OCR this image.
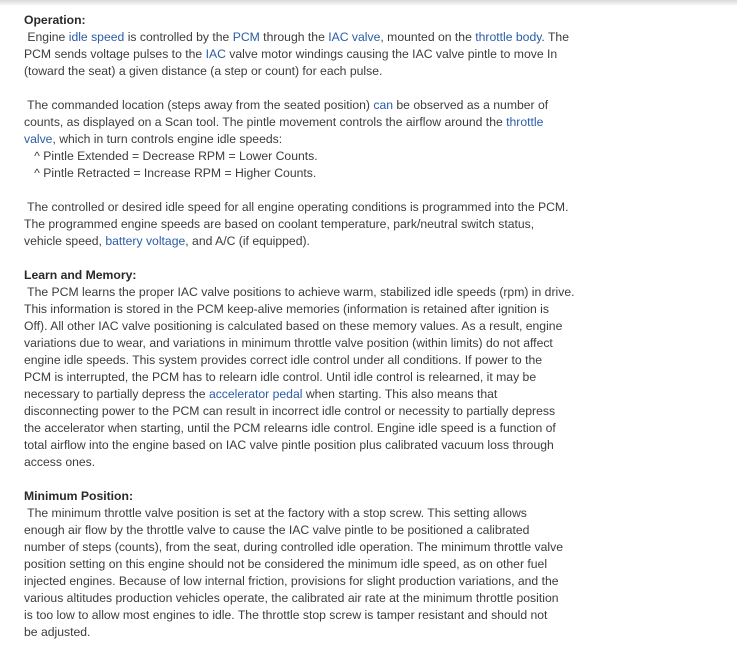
Operation:
Engine idle speed is controlled by the PCM through the IAC valve, mounted on the throttle body. The
PCM sends voltage pulses to the IAC valve motor windings causing the IAC valve pintle to move In
(toward the seat) a given distance (a step or count) for each pulse.
The commanded location (steps away from the seated position) can be observed as a number of
counts, as displayed on a Scan tool. The pintle movement controls the airflow around the throttle
valve, which in turn controls engine idle speeds:
^ Pintle Extended = Decrease RPM = Lower Counts.
^ Pintle Retracted = Increase RPM = Higher Counts.
The controlled or desired idle speed for all engine operating conditions is programmed into the PCM.
The programmed engine speeds are based on coolant temperature, park/neutral switch status,
vehicle speed, battery voltage, and A/C (if equipped).
Learn and Memory:
The PCM learns the proper IAC valve positions to achieve warm, stabilized idle speeds (rpm) in drive.
This information is stored in the PCM keep-alive memories (information is retained after ignition is
Off). All other IAC valve positioning is calculated based on these memory values. As a result, engine
variations due to wear, and variations in minimum throttle valve position (within limits) do not affect
engine idle speeds. This system provides correct idle control under all conditions. If power to the
PCM is interrupted, the PCM has to relearn idle control. Until idle control is relearned, it may be
necessary to partially depress the accelerator pedal when starting. This also means that
disconnecting power to the PCM can result in incorrect idle control or necessity to partially depress
the accelerator when starting, until the PCM relearns idle control. Engine idle speed is a function of
total airflow into the engine based on IAC valve pintle position plus calibrated vacuum loss through
access ones.
Minimum Position:
The minimum throttle valve position is set at the factory with a stop screw. This setting allows
enough air flow by the throttle valve to cause the IAC valve pintle to be positioned a calibrated
number of steps (counts), from the seat, during controlled idle operation. The minimum throttle valve
position setting on this engine should not be considered the minimum idle speed, as on other fuel
injected engines. Because of low internal friction, provisions for slight production variations, and the
various altitudes production vehicles operate, the calibrated air rate at the minimum throttle position
is too low to allow most engines to idle. The throttle stop screw is tamper resistant and should not
be adjusted.
